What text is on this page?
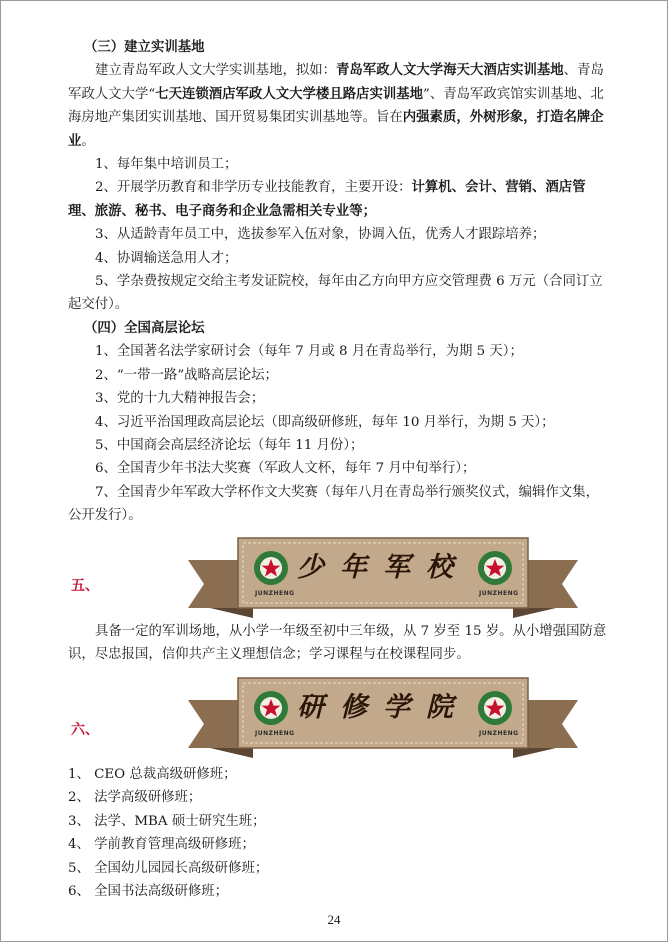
（三）建立实训基地

建立青岛军政人文大学实训基地，拟如：青岛军政人文大学海天大酒店实训基地、青岛军政人文大学“七天连锁酒店军政人文大学楼且路店实训基地”、青岛军政宾馆实训基地、北海房地产集团实训基地、国开贸易集团实训基地等。旨在内强素质，外树形象，打造名牌企业。

1、每年集中培训员工；

2、开展学历教育和非学历专业技能教育，主要开设：计算机、会计、营销、酒店管理、旅游、秘书、电子商务和企业急需相关专业等；

3、从适龄青年员工中，选拔参军入伍对象，协调入伍，优秀人才跟踪培养；

4、协调输送急用人才；

5、学杂费按规定交给主考发证院校，每年由乙方向甲方应交管理费 6 万元（合同订立起交付）。

（四）全国高层论坛

1、全国著名法学家研讨会（每年 7 月或 8 月在青岛举行，为期 5 天）；

2、“一带一路”战略高层论坛；

3、党的十九大精神报告会；

4、习近平治国理政高层论坛（即高级研修班，每年 10 月举行，为期 5 天）；

5、中国商会高层经济论坛（每年 11 月份）；

6、全国青少年书法大奖赛（军政人文杯，每年 7 月中旬举行）；

7、全国青少年军政大学杯作文大奖赛（每年八月在青岛举行颁奖仪式，编辑作文集，公开发行）。

五、	JUNZHENG	JUNZHENG
少年军校

具备一定的军训场地，从小学一年级至初中三年级，从 7 岁至 15 岁。从小增强国防意识，尽忠报国，信仰共产主义理想信念；学习课程与在校课程同步。

六、	JUNZHENG	JUNZHENG
研修学院

1、 CEO 总裁高级研修班；

2、 法学高级研修班；

3、 法学、MBA 硕士研究生班；

4、 学前教育管理高级研修班；

5、 全国幼儿园园长高级研修班；

6、 全国书法高级研修班；

24
